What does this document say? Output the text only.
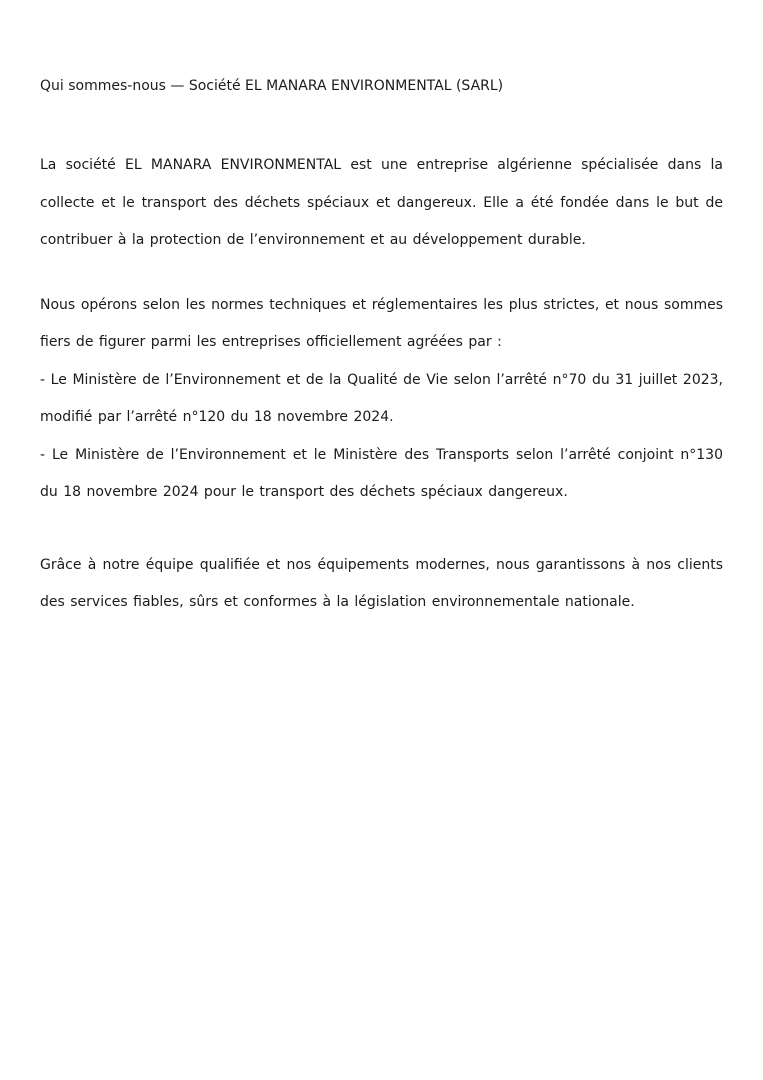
Qui sommes-nous — Société EL MANARA ENVIRONMENTAL (SARL)

La société EL MANARA ENVIRONMENTAL est une entreprise algérienne spécialisée dans la collecte et le transport des déchets spéciaux et dangereux. Elle a été fondée dans le but de contribuer à la protection de l’environnement et au développement durable.

Nous opérons selon les normes techniques et réglementaires les plus strictes, et nous sommes fiers de figurer parmi les entreprises officiellement agréées par :

- Le Ministère de l’Environnement et de la Qualité de Vie selon l’arrêté n°70 du 31 juillet 2023, modifié par l’arrêté n°120 du 18 novembre 2024.

- Le Ministère de l’Environnement et le Ministère des Transports selon l’arrêté conjoint n°130 du 18 novembre 2024 pour le transport des déchets spéciaux dangereux.

Grâce à notre équipe qualifiée et nos équipements modernes, nous garantissons à nos clients des services fiables, sûrs et conformes à la législation environnementale nationale.
